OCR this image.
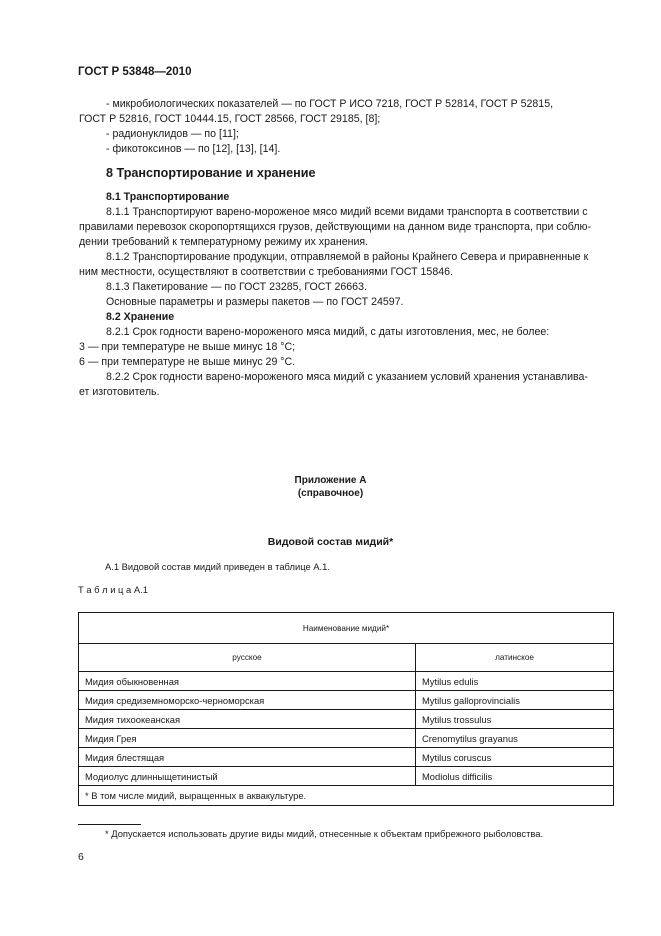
ГОСТ Р 53848—2010
- микробиологических показателей — по ГОСТ Р ИСО 7218, ГОСТ Р 52814, ГОСТ Р 52815,
ГОСТ Р 52816, ГОСТ 10444.15, ГОСТ 28566, ГОСТ 29185, [8];
- радионуклидов — по [11];
- фикотоксинов — по [12], [13], [14].
8 Транспортирование и хранение
8.1 Транспортирование
8.1.1 Транспортируют варено-мороженое мясо мидий всеми видами транспорта в соответствии с
правилами перевозок скоропортящихся грузов, действующими на данном виде транспорта, при соблю-
дении требований к температурному режиму их хранения.
8.1.2 Транспортирование продукции, отправляемой в районы Крайнего Севера и приравненные к
ним местности, осуществляют в соответствии с требованиями ГОСТ 15846.
8.1.3 Пакетирование — по ГОСТ 23285, ГОСТ 26663.
Основные параметры и размеры пакетов — по ГОСТ 24597.
8.2 Хранение
8.2.1 Срок годности варено-мороженого мяса мидий, с даты изготовления, мес, не более:
3 — при температуре не выше минус 18 °С;
6 — при температуре не выше минус 29 °С.
8.2.2 Срок годности варено-мороженого мяса мидий с указанием условий хранения устанавлива-
ет изготовитель.
Приложение А
(справочное)
Видовой состав мидий*
А.1 Видовой состав мидий приведен в таблице А.1.
Т а б л и ц а А.1
Наименование мидий*	
русское	латинское
Мидия обыкновенная	Mytilus edulis
Мидия средиземноморско-черноморская	Mytilus galloprovincialis
Мидия тихоокеанская	Mytilus trossulus
Мидия Грея	Crenomytilus grayanus
Мидия блестящая	Mytilus coruscus
Модиолус длинныщетинистый	Modiolus difficilis
* В том числе мидий, выращенных в аквакультуре.	
* Допускается использовать другие виды мидий, отнесенные к объектам прибрежного рыболовства.
6
